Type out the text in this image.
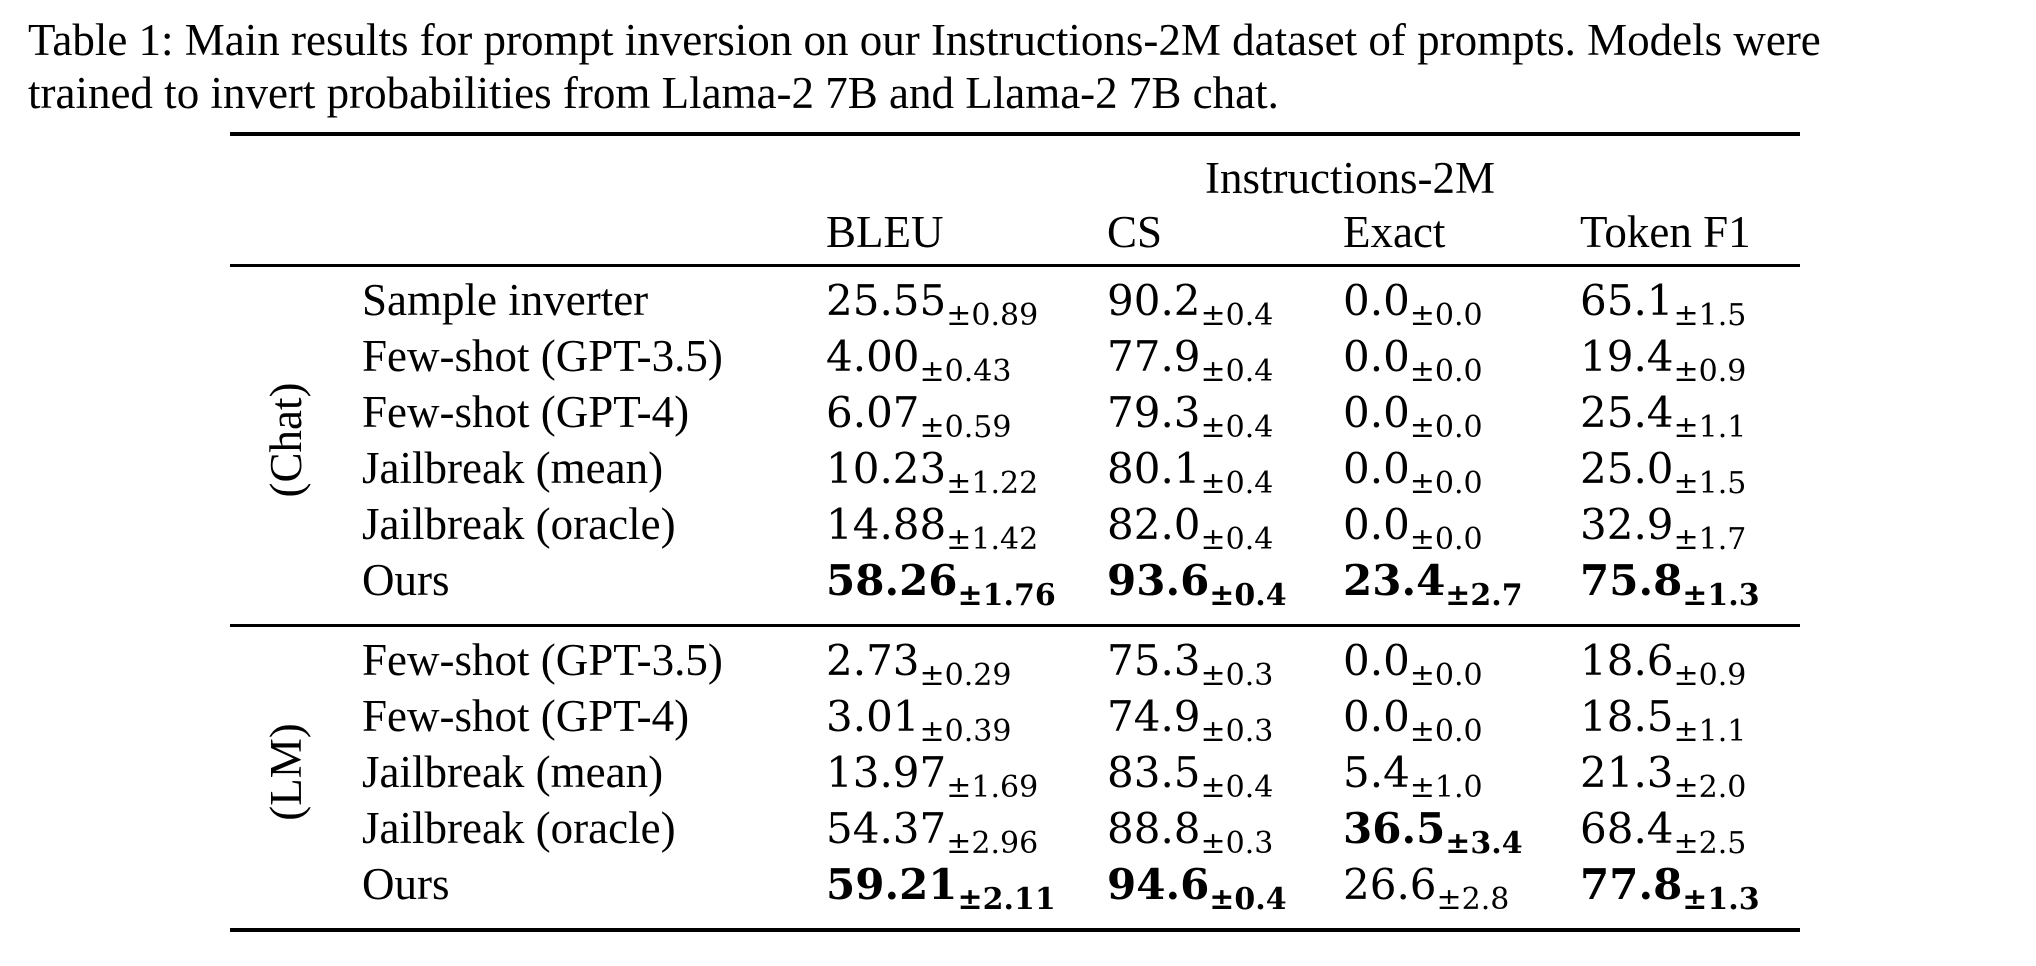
Table 1: Main results for prompt inversion on our Instructions-2M dataset of prompts. Models were
trained to invert probabilities from Llama-2 7B and Llama-2 7B chat.
Instructions-2M
BLEU	CS	Exact	Token F1
(Chat)
Sample inverter	$25.55_{\pm 0.89}$ $90.2_{\pm 0.4}$ $0.0_{\pm 0.0}$ $65.1_{\pm 1.5}$
Few-shot (GPT-3.5) $4.00_{\pm 0.43}$ $77.9_{\pm 0.4}$ $0.0_{\pm 0.0}$ $19.4_{\pm 0.9}$
Few-shot (GPT-4)	$6.07_{\pm 0.59}$ $79.3_{\pm 0.4}$ $0.0_{\pm 0.0}$ $25.4_{\pm 1.1}$
Jailbreak (mean)	$10.23_{\pm 1.22}$ $80.1_{\pm 0.4}$ $0.0_{\pm 0.0}$ $25.0_{\pm 1.5}$
Jailbreak (oracle)	$14.88_{\pm 1.42}$ $82.0_{\pm 0.4}$ $0.0_{\pm 0.0}$ $32.9_{\pm 1.7}$
Ours	$58.26_{\pm 1.76}$ $93.6_{\pm 0.4}$ $23.4_{\pm 2.7}$ $75.8_{\pm 1.3}$
(LM)
Few-shot (GPT-3.5) $2.73_{\pm 0.29}$ $75.3_{\pm 0.3}$ $0.0_{\pm 0.0}$ $18.6_{\pm 0.9}$
Few-shot (GPT-4)	$3.01_{\pm 0.39}$ $74.9_{\pm 0.3}$ $0.0_{\pm 0.0}$ $18.5_{\pm 1.1}$
Jailbreak (mean)	$13.97_{\pm 1.69}$ $83.5_{\pm 0.4}$ $5.4_{\pm 1.0}$ $21.3_{\pm 2.0}$
Jailbreak (oracle)	$54.37_{\pm 2.96}$ $88.8_{\pm 0.3}$ $36.5_{\pm 3.4}$ $68.4_{\pm 2.5}$
Ours	$59.21_{\pm 2.11}$ $94.6_{\pm 0.4}$ $26.6_{\pm 2.8}$ $77.8_{\pm 1.3}$
